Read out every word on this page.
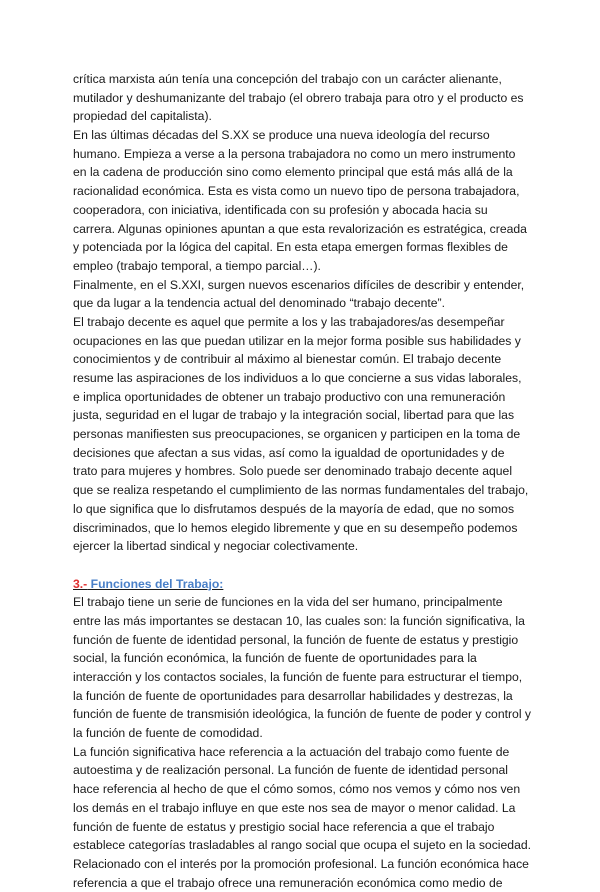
crítica marxista aún tenía una concepción del trabajo con un carácter alienante,
mutilador y deshumanizante del trabajo (el obrero trabaja para otro y el producto es
propiedad del capitalista).
En las últimas décadas del S.XX se produce una nueva ideología del recurso
humano. Empieza a verse a la persona trabajadora no como un mero instrumento
en la cadena de producción sino como elemento principal que está más allá de la
racionalidad económica. Esta es vista como un nuevo tipo de persona trabajadora,
cooperadora, con iniciativa, identificada con su profesión y abocada hacia su
carrera. Algunas opiniones apuntan a que esta revalorización es estratégica, creada
y potenciada por la lógica del capital. En esta etapa emergen formas flexibles de
empleo (trabajo temporal, a tiempo parcial…).
Finalmente, en el S.XXI, surgen nuevos escenarios difíciles de describir y entender,
que da lugar a la tendencia actual del denominado “trabajo decente”.
El trabajo decente es aquel que permite a los y las trabajadores/as desempeñar
ocupaciones en las que puedan utilizar en la mejor forma posible sus habilidades y
conocimientos y de contribuir al máximo al bienestar común. El trabajo decente
resume las aspiraciones de los individuos a lo que concierne a sus vidas laborales,
e implica oportunidades de obtener un trabajo productivo con una remuneración
justa, seguridad en el lugar de trabajo y la integración social, libertad para que las
personas manifiesten sus preocupaciones, se organicen y participen en la toma de
decisiones que afectan a sus vidas, así como la igualdad de oportunidades y de
trato para mujeres y hombres. Solo puede ser denominado trabajo decente aquel
que se realiza respetando el cumplimiento de las normas fundamentales del trabajo,
lo que significa que lo disfrutamos después de la mayoría de edad, que no somos
discriminados, que lo hemos elegido libremente y que en su desempeño podemos
ejercer la libertad sindical y negociar colectivamente.
3.- Funciones del Trabajo:
El trabajo tiene un serie de funciones en la vida del ser humano, principalmente
entre las más importantes se destacan 10, las cuales son: la función significativa, la
función de fuente de identidad personal, la función de fuente de estatus y prestigio
social, la función económica, la función de fuente de oportunidades para la
interacción y los contactos sociales, la función de fuente para estructurar el tiempo,
la función de fuente de oportunidades para desarrollar habilidades y destrezas, la
función de fuente de transmisión ideológica, la función de fuente de poder y control y
la función de fuente de comodidad.
La función significativa hace referencia a la actuación del trabajo como fuente de
autoestima y de realización personal. La función de fuente de identidad personal
hace referencia al hecho de que el cómo somos, cómo nos vemos y cómo nos ven
los demás en el trabajo influye en que este nos sea de mayor o menor calidad. La
función de fuente de estatus y prestigio social hace referencia a que el trabajo
establece categorías trasladables al rango social que ocupa el sujeto en la sociedad.
Relacionado con el interés por la promoción profesional. La función económica hace
referencia a que el trabajo ofrece una remuneración económica como medio de
